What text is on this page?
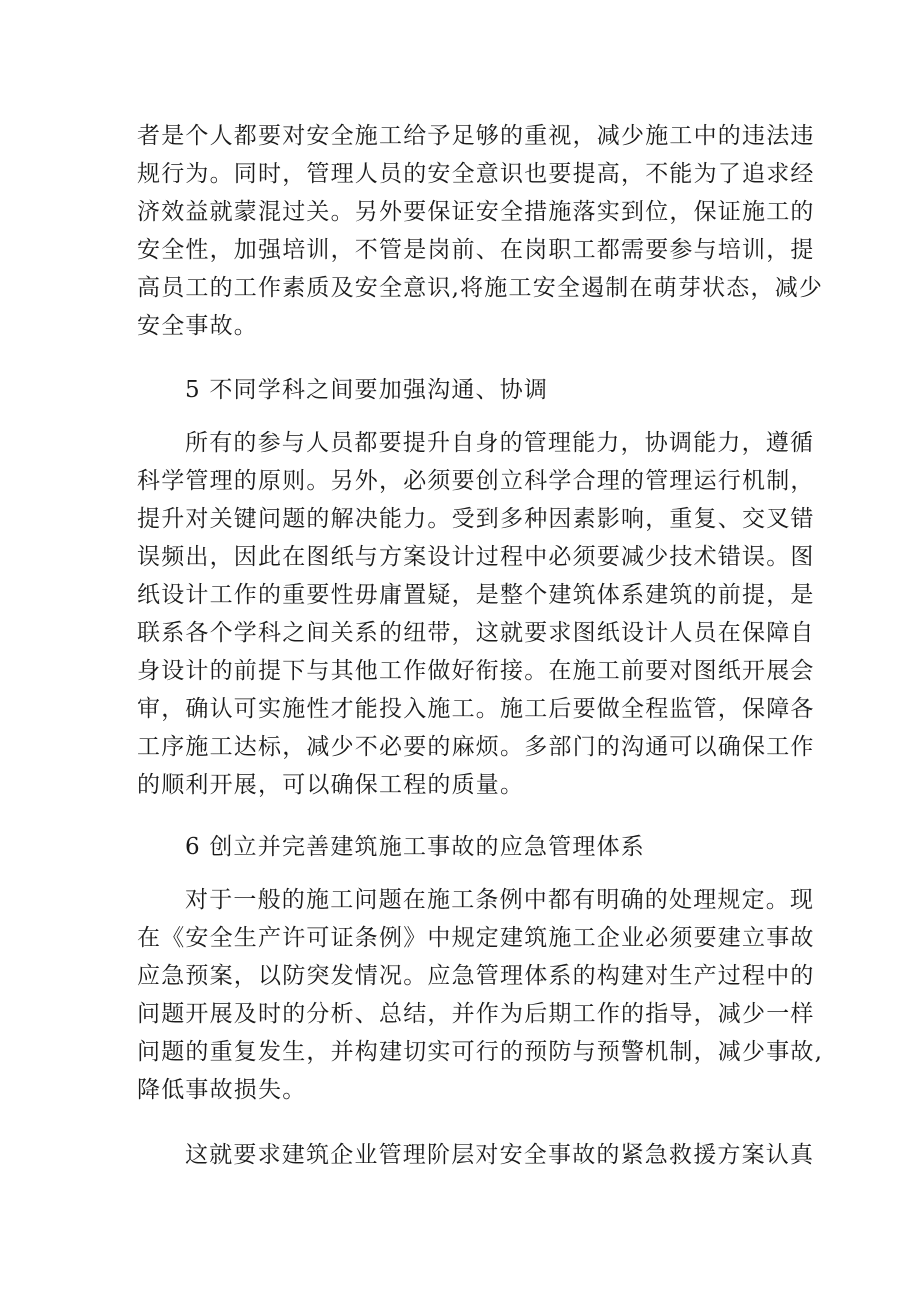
者是个人都要对安全施工给予足够的重视，减少施工中的违法违
规行为。同时，管理人员的安全意识也要提高，不能为了追求经
济效益就蒙混过关。另外要保证安全措施落实到位，保证施工的
安全性，加强培训，不管是岗前、在岗职工都需要参与培训，提
高员工的工作素质及安全意识,将施工安全遏制在萌芽状态，减少
安全事故。
5 不同学科之间要加强沟通、协调
所有的参与人员都要提升自身的管理能力，协调能力，遵循
科学管理的原则。另外，必须要创立科学合理的管理运行机制，
提升对关键问题的解决能力。受到多种因素影响，重复、交叉错
误频出，因此在图纸与方案设计过程中必须要减少技术错误。图
纸设计工作的重要性毋庸置疑，是整个建筑体系建筑的前提，是
联系各个学科之间关系的纽带，这就要求图纸设计人员在保障自
身设计的前提下与其他工作做好衔接。在施工前要对图纸开展会
审，确认可实施性才能投入施工。施工后要做全程监管，保障各
工序施工达标，减少不必要的麻烦。多部门的沟通可以确保工作
的顺利开展，可以确保工程的质量。
6 创立并完善建筑施工事故的应急管理体系
对于一般的施工问题在施工条例中都有明确的处理规定。现
在《安全生产许可证条例》中规定建筑施工企业必须要建立事故
应急预案，以防突发情况。应急管理体系的构建对生产过程中的
问题开展及时的分析、总结，并作为后期工作的指导，减少一样
问题的重复发生，并构建切实可行的预防与预警机制，减少事故,
降低事故损失。
这就要求建筑企业管理阶层对安全事故的紧急救援方案认真
